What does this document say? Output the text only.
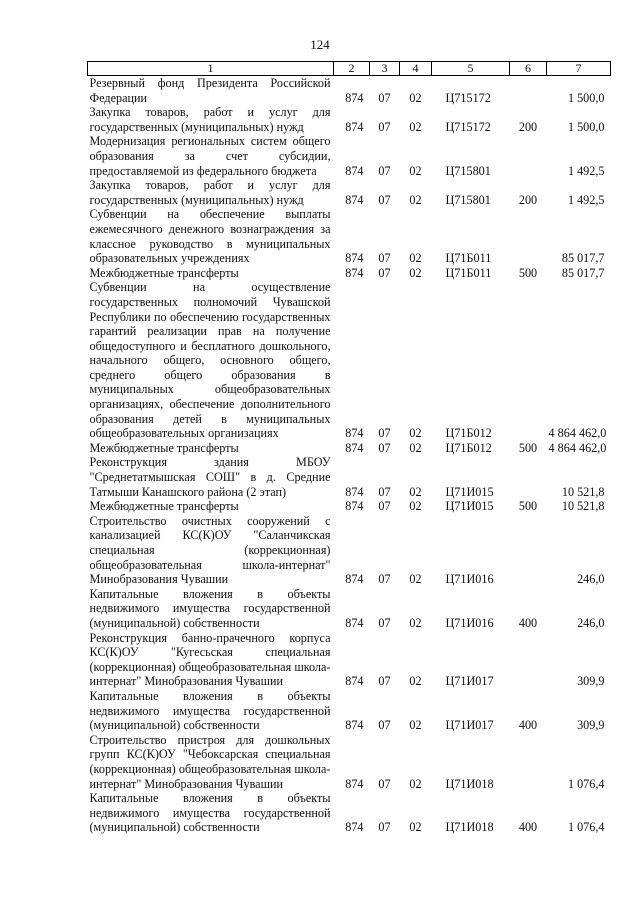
124
1	2	3	4	5	6	7
Резервный фонд Президента Российской Федерации	874	07	02	Ц715172		1 500,0
Закупка товаров, работ и услуг для государственных (муниципальных) нужд	874	07	02	Ц715172	200	1 500,0
Модернизация региональных систем общего образования за счет субсидии, предоставляемой из федерального бюджета	874	07	02	Ц715801		1 492,5
Закупка товаров, работ и услуг для государственных (муниципальных) нужд	874	07	02	Ц715801	200	1 492,5
Субвенции на обеспечение выплаты ежемесячного денежного вознаграждения за классное руководство в муниципальных образовательных учреждениях	874	07	02	Ц71Б011		85 017,7
Межбюджетные трансферты	874	07	02	Ц71Б011	500	85 017,7
Субвенции на осуществление государственных полномочий Чувашской Республики по обеспечению государственных гарантий реализации прав на получение общедоступного и бесплатного дошкольного, начального общего, основного общего, среднего общего образования в муниципальных общеобразовательных организациях, обеспечение дополнительного образования детей в муниципальных общеобразовательных организациях	874	07	02	Ц71Б012		4 864 462,0
Межбюджетные трансферты	874	07	02	Ц71Б012	500	4 864 462,0
Реконструкция здания МБОУ "Среднетатмышская СОШ" в д. Средние Татмыши Канашского района (2 этап)	874	07	02	Ц71И015		10 521,8
Межбюджетные трансферты	874	07	02	Ц71И015	500	10 521,8
Строительство очистных сооружений с канализацией КС(К)ОУ "Саланчикская специальная (коррекционная) общеобразовательная школа-интернат" Минобразования Чувашии	874	07	02	Ц71И016		246,0
Капитальные вложения в объекты недвижимого имущества государственной (муниципальной) собственности	874	07	02	Ц71И016	400	246,0
Реконструкция банно-прачечного корпуса КС(К)ОУ "Кугесьская специальная (коррекционная) общеобразовательная школа-интернат" Минобразования Чувашии	874	07	02	Ц71И017		309,9
Капитальные вложения в объекты недвижимого имущества государственной (муниципальной) собственности	874	07	02	Ц71И017	400	309,9
Строительство пристроя для дошкольных групп КС(К)ОУ "Чебоксарская специальная (коррекционная) общеобразовательная школа-интернат" Минобразования Чувашии	874	07	02	Ц71И018		1 076,4
Капитальные вложения в объекты недвижимого имущества государственной (муниципальной) собственности	874	07	02	Ц71И018	400	1 076,4
